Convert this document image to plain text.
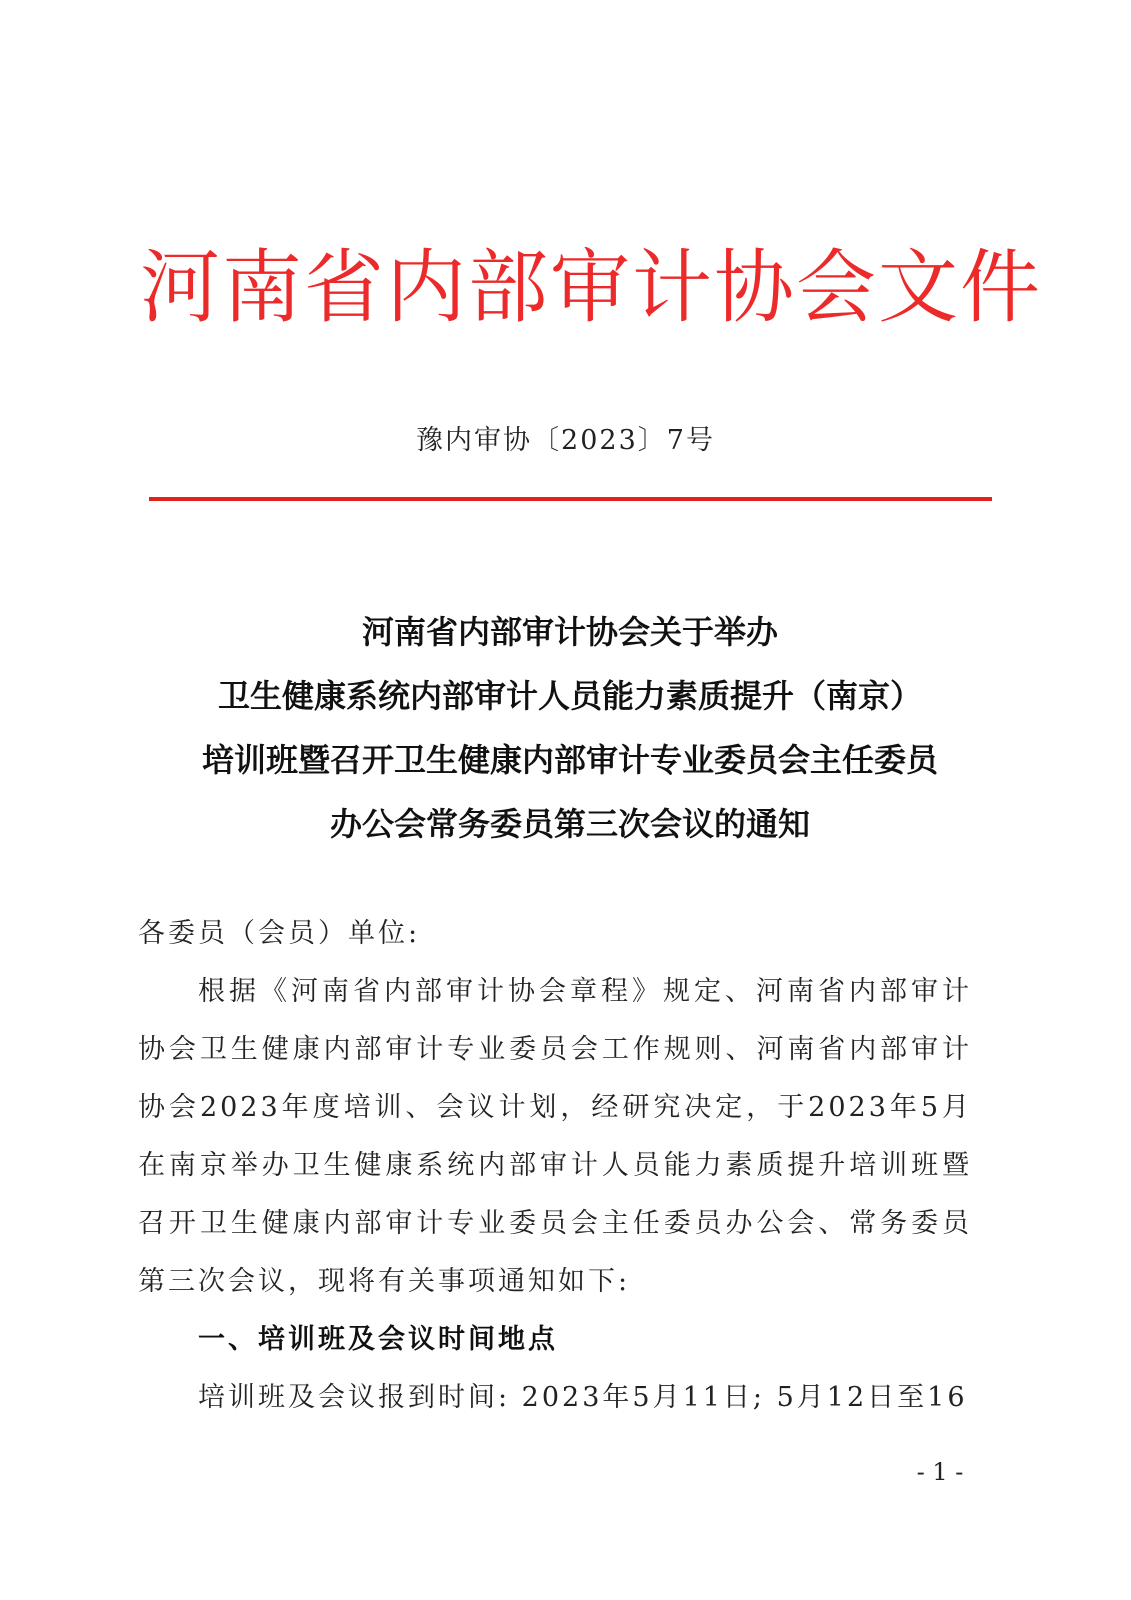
河南省内部审计协会文件
豫内审协〔2023〕7号
河南省内部审计协会关于举办
卫生健康系统内部审计人员能力素质提升（南京）
培训班暨召开卫生健康内部审计专业委员会主任委员
办公会常务委员第三次会议的通知

各委员（会员）单位:

根据《河南省内部审计协会章程》规定、河南省内部审计协会卫生健康内部审计专业委员会工作规则、河南省内部审计协会2023年度培训、会议计划，经研究决定，于2023年5月在南京举办卫生健康系统内部审计人员能力素质提升培训班暨召开卫生健康内部审计专业委员会主任委员办公会、常务委员第三次会议，现将有关事项通知如下:

一、培训班及会议时间地点

培训班及会议报到时间: 2023年5月11日; 5月12日至16

- 1 -
